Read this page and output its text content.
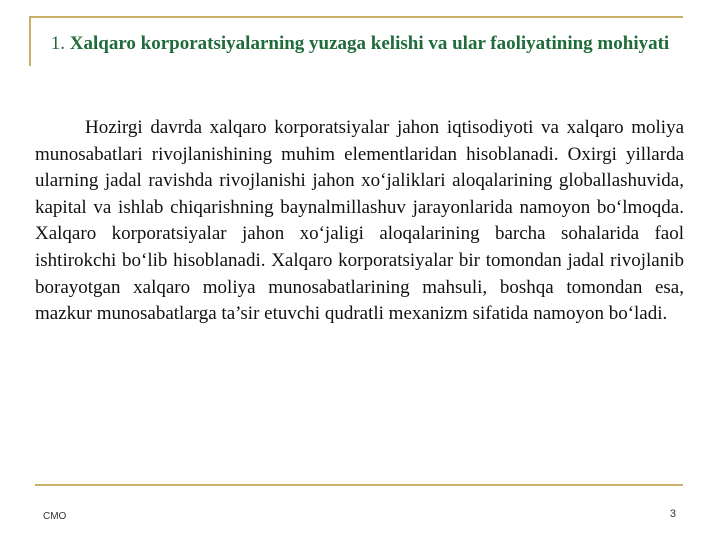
1. Xalqaro korporatsiyalarning yuzaga kelishi va ular faoliyatining mohiyati

Hozirgi davrda xalqaro korporatsiyalar jahon iqtisodiyoti va xalqaro moliya munosabatlari rivojlanishining muhim elementlaridan hisoblanadi. Oxirgi yillarda ularning jadal ravishda rivojlanishi jahon xo‘jaliklari aloqalarining globallashuvida, kapital va ishlab chiqarishning baynalmillashuv jarayonlarida namoyon bo‘lmoqda. Xalqaro korporatsiyalar jahon xo‘jaligi aloqalarining barcha sohalarida faol ishtirokchi bo‘lib hisoblanadi. Xalqaro korporatsiyalar bir tomondan jadal rivojlanib borayotgan xalqaro moliya munosabatlarining mahsuli, boshqa tomondan esa, mazkur munosabatlarga ta’sir etuvchi qudratli mexanizm sifatida namoyon bo‘ladi.

CMO	3
